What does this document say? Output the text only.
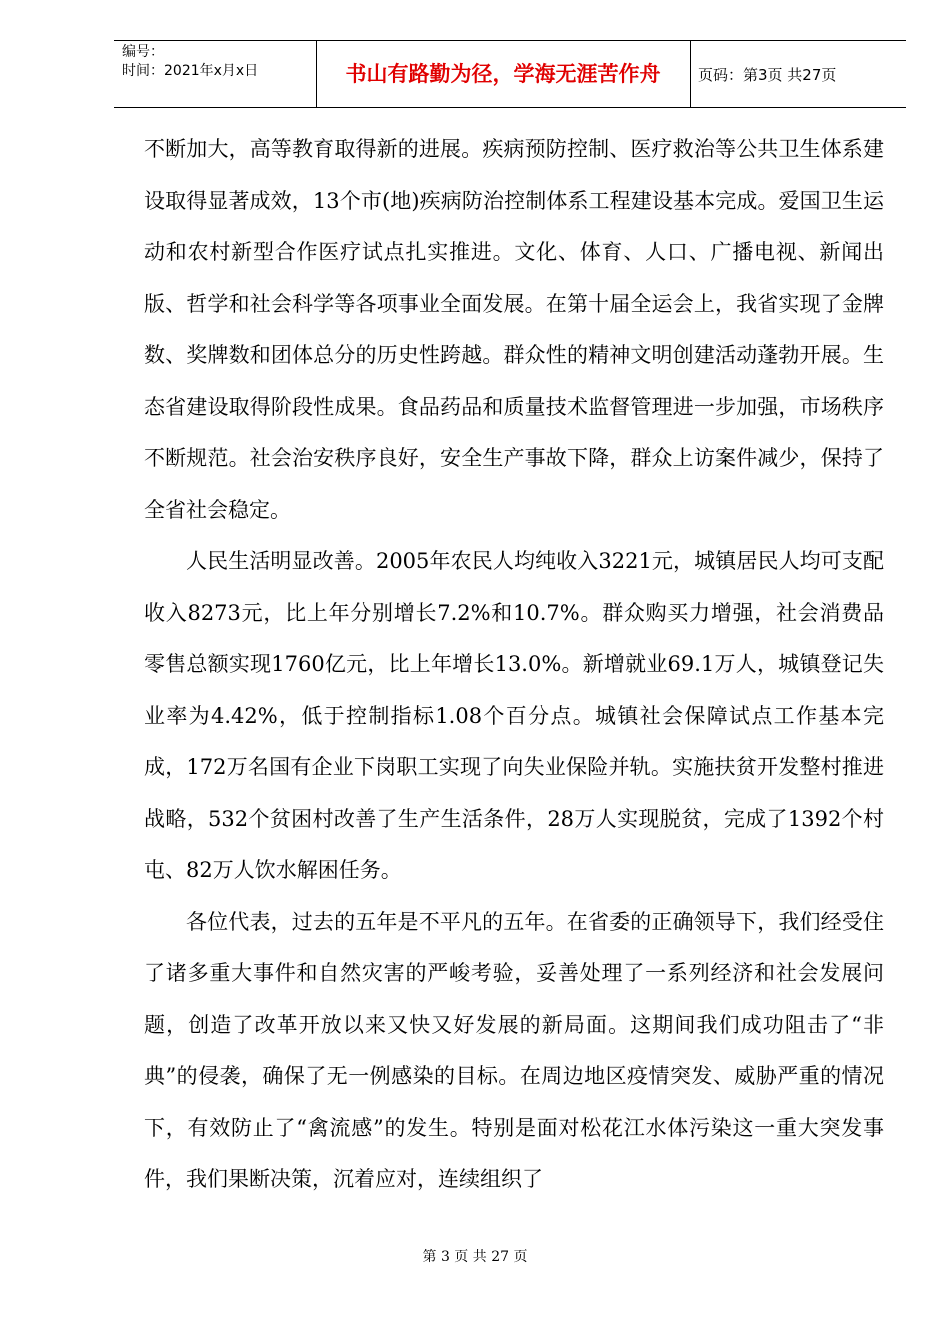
编号：
时间：2021年x月x日	书山有路勤为径，学海无涯苦作舟	页码：第3页 共27页

不断加大，高等教育取得新的进展。疾病预防控制、医疗救治等公共卫生体系建设取得显著成效，13个市(地)疾病防治控制体系工程建设基本完成。爱国卫生运动和农村新型合作医疗试点扎实推进。文化、体育、人口、广播电视、新闻出版、哲学和社会科学等各项事业全面发展。在第十届全运会上，我省实现了金牌数、奖牌数和团体总分的历史性跨越。群众性的精神文明创建活动蓬勃开展。生态省建设取得阶段性成果。食品药品和质量技术监督管理进一步加强，市场秩序不断规范。社会治安秩序良好，安全生产事故下降，群众上访案件减少，保持了全省社会稳定。

人民生活明显改善。2005年农民人均纯收入3221元，城镇居民人均可支配收入8273元，比上年分别增长7.2%和10.7%。群众购买力增强，社会消费品零售总额实现1760亿元，比上年增长13.0%。新增就业69.1万人，城镇登记失业率为4.42%，低于控制指标1.08个百分点。城镇社会保障试点工作基本完成，172万名国有企业下岗职工实现了向失业保险并轨。实施扶贫开发整村推进战略，532个贫困村改善了生产生活条件，28万人实现脱贫，完成了1392个村屯、82万人饮水解困任务。

各位代表，过去的五年是不平凡的五年。在省委的正确领导下，我们经受住了诸多重大事件和自然灾害的严峻考验，妥善处理了一系列经济和社会发展问题，创造了改革开放以来又快又好发展的新局面。这期间我们成功阻击了“非典”的侵袭，确保了无一例感染的目标。在周边地区疫情突发、威胁严重的情况下，有效防止了“禽流感”的发生。特别是面对松花江水体污染这一重大突发事件，我们果断决策，沉着应对，连续组织了

第 3 页 共 27 页
